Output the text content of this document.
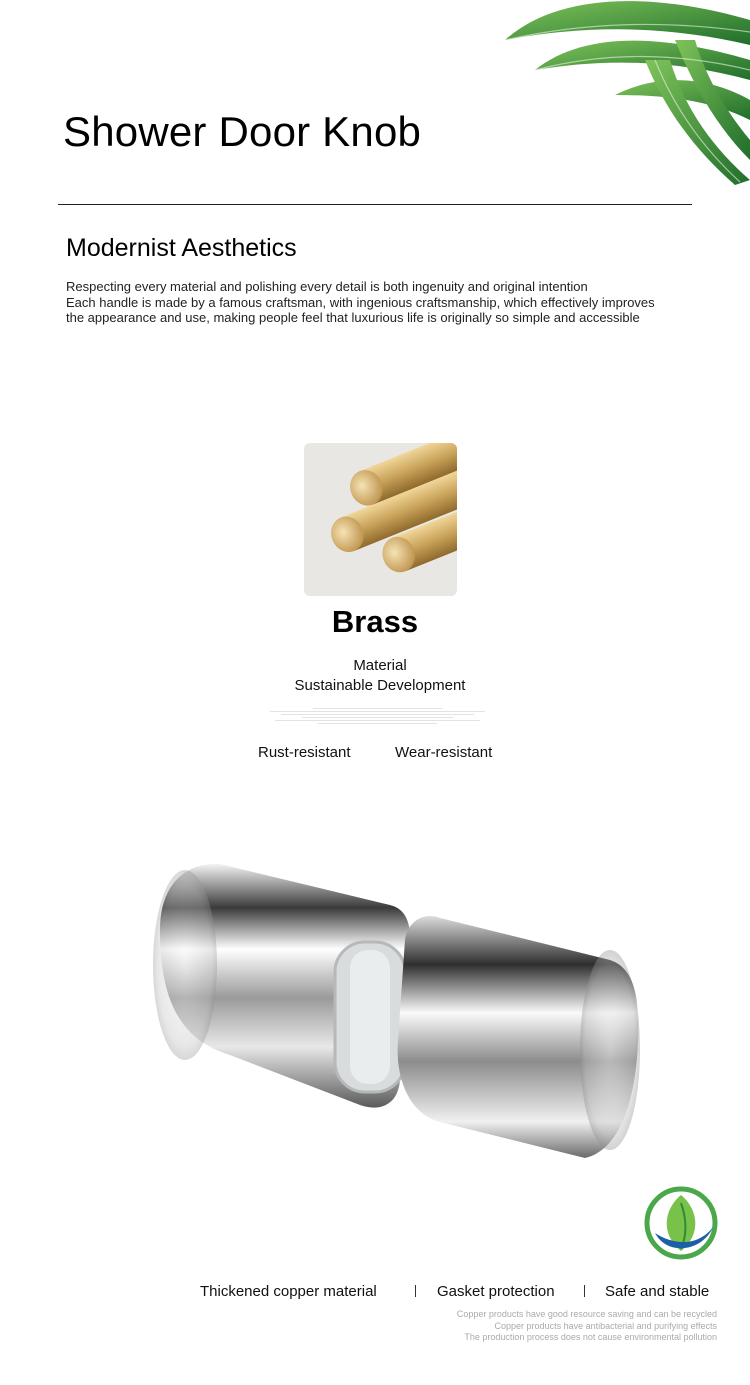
Shower Door Knob
Modernist Aesthetics

Respecting every material and polishing every detail is both ingenuity and original intention

Each handle is made by a famous craftsman, with ingenious craftsmanship, which effectively improves

the appearance and use, making people feel that luxurious life is originally so simple and accessible

Brass
Material
Sustainable Development
Rust-resistant	Wear-resistant
Thickened copper material	Gasket protection	Safe and stable
Copper products have good resource saving and can be recycled
Copper products have antibacterial and purifying effects
The production process does not cause environmental pollution
